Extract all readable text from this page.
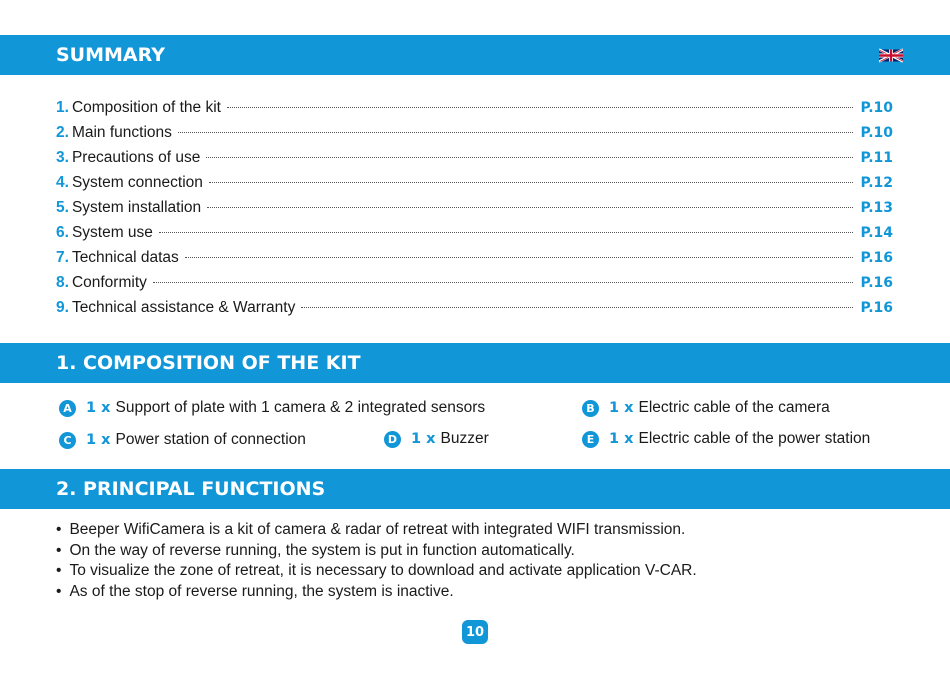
SUMMARY
1. Composition of the kit	P.10
2. Main functions	P.10
3. Precautions of use	P.11
4. System connection	P.12
5. System installation	P.13
6. System use	P.14
7. Technical datas	P.16
8. Conformity	P.16
9. Technical assistance & Warranty	P.16
1. COMPOSITION OF THE KIT
A 1 x Support of plate with 1 camera & 2 integrated sensors	B 1 x Electric cable of the camera
C 1 x Power station of connection	D 1 x Buzzer	E	1 x Electric cable of the power station
2. PRINCIPAL FUNCTIONS
• Beeper WifiCamera is a kit of camera & radar of retreat with integrated WIFI transmission.
• On the way of reverse running, the system is put in function automatically.
• To visualize the zone of retreat, it is necessary to download and activate application V-CAR.
• As of the stop of reverse running, the system is inactive.
10
